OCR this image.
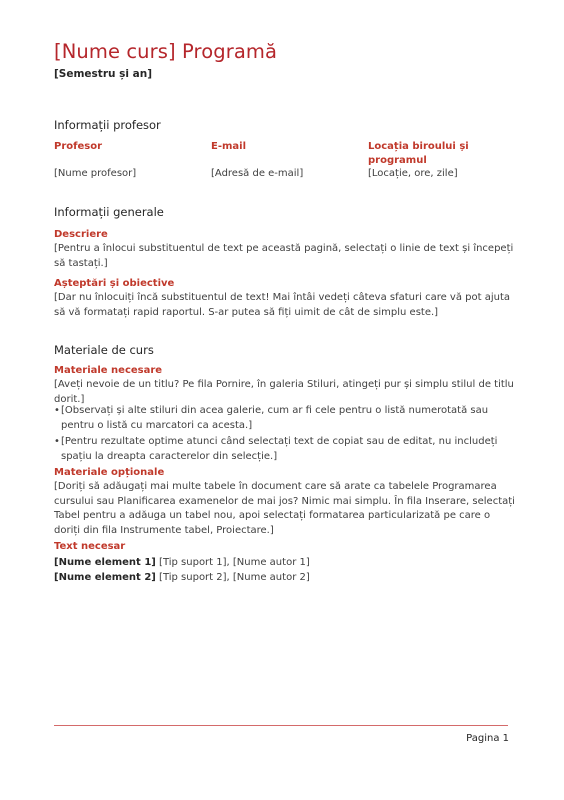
[Nume curs] Programă

[Semestru și an]

Informații profesor
Profesor	E-mail	Locația biroului și programul

[Nume profesor]	[Adresă de e-mail]	[Locație, ore, zile]

Informații generale
Descriere

[Pentru a înlocui substituentul de text pe această pagină, selectați o linie de text și începeți să tastați.]

Așteptări și obiective

[Dar nu înlocuiți încă substituentul de text! Mai întâi vedeți câteva sfaturi care vă pot ajuta să vă formatați rapid raportul. S-ar putea să fiți uimit de cât de simplu este.]

Materiale de curs
Materiale necesare

[Aveți nevoie de un titlu? Pe fila Pornire, în galeria Stiluri, atingeți pur și simplu stilul de titlu dorit.]

• [Observați și alte stiluri din acea galerie, cum ar fi cele pentru o listă numerotată sau pentru o listă cu marcatori ca acesta.]
• [Pentru rezultate optime atunci când selectați text de copiat sau de editat, nu includeți spațiu la dreapta caracterelor din selecție.]
Materiale opționale

[Doriți să adăugați mai multe tabele în document care să arate ca tabelele Programarea cursului sau Planificarea examenelor de mai jos? Nimic mai simplu. În fila Inserare, selectați Tabel pentru a adăuga un tabel nou, apoi selectați formatarea particularizată pe care o doriți din fila Instrumente tabel, Proiectare.]

Text necesar
[Nume element 1] [Tip suport 1], [Nume autor 1]
[Nume element 2] [Tip suport 2], [Nume autor 2]
Pagina 1
